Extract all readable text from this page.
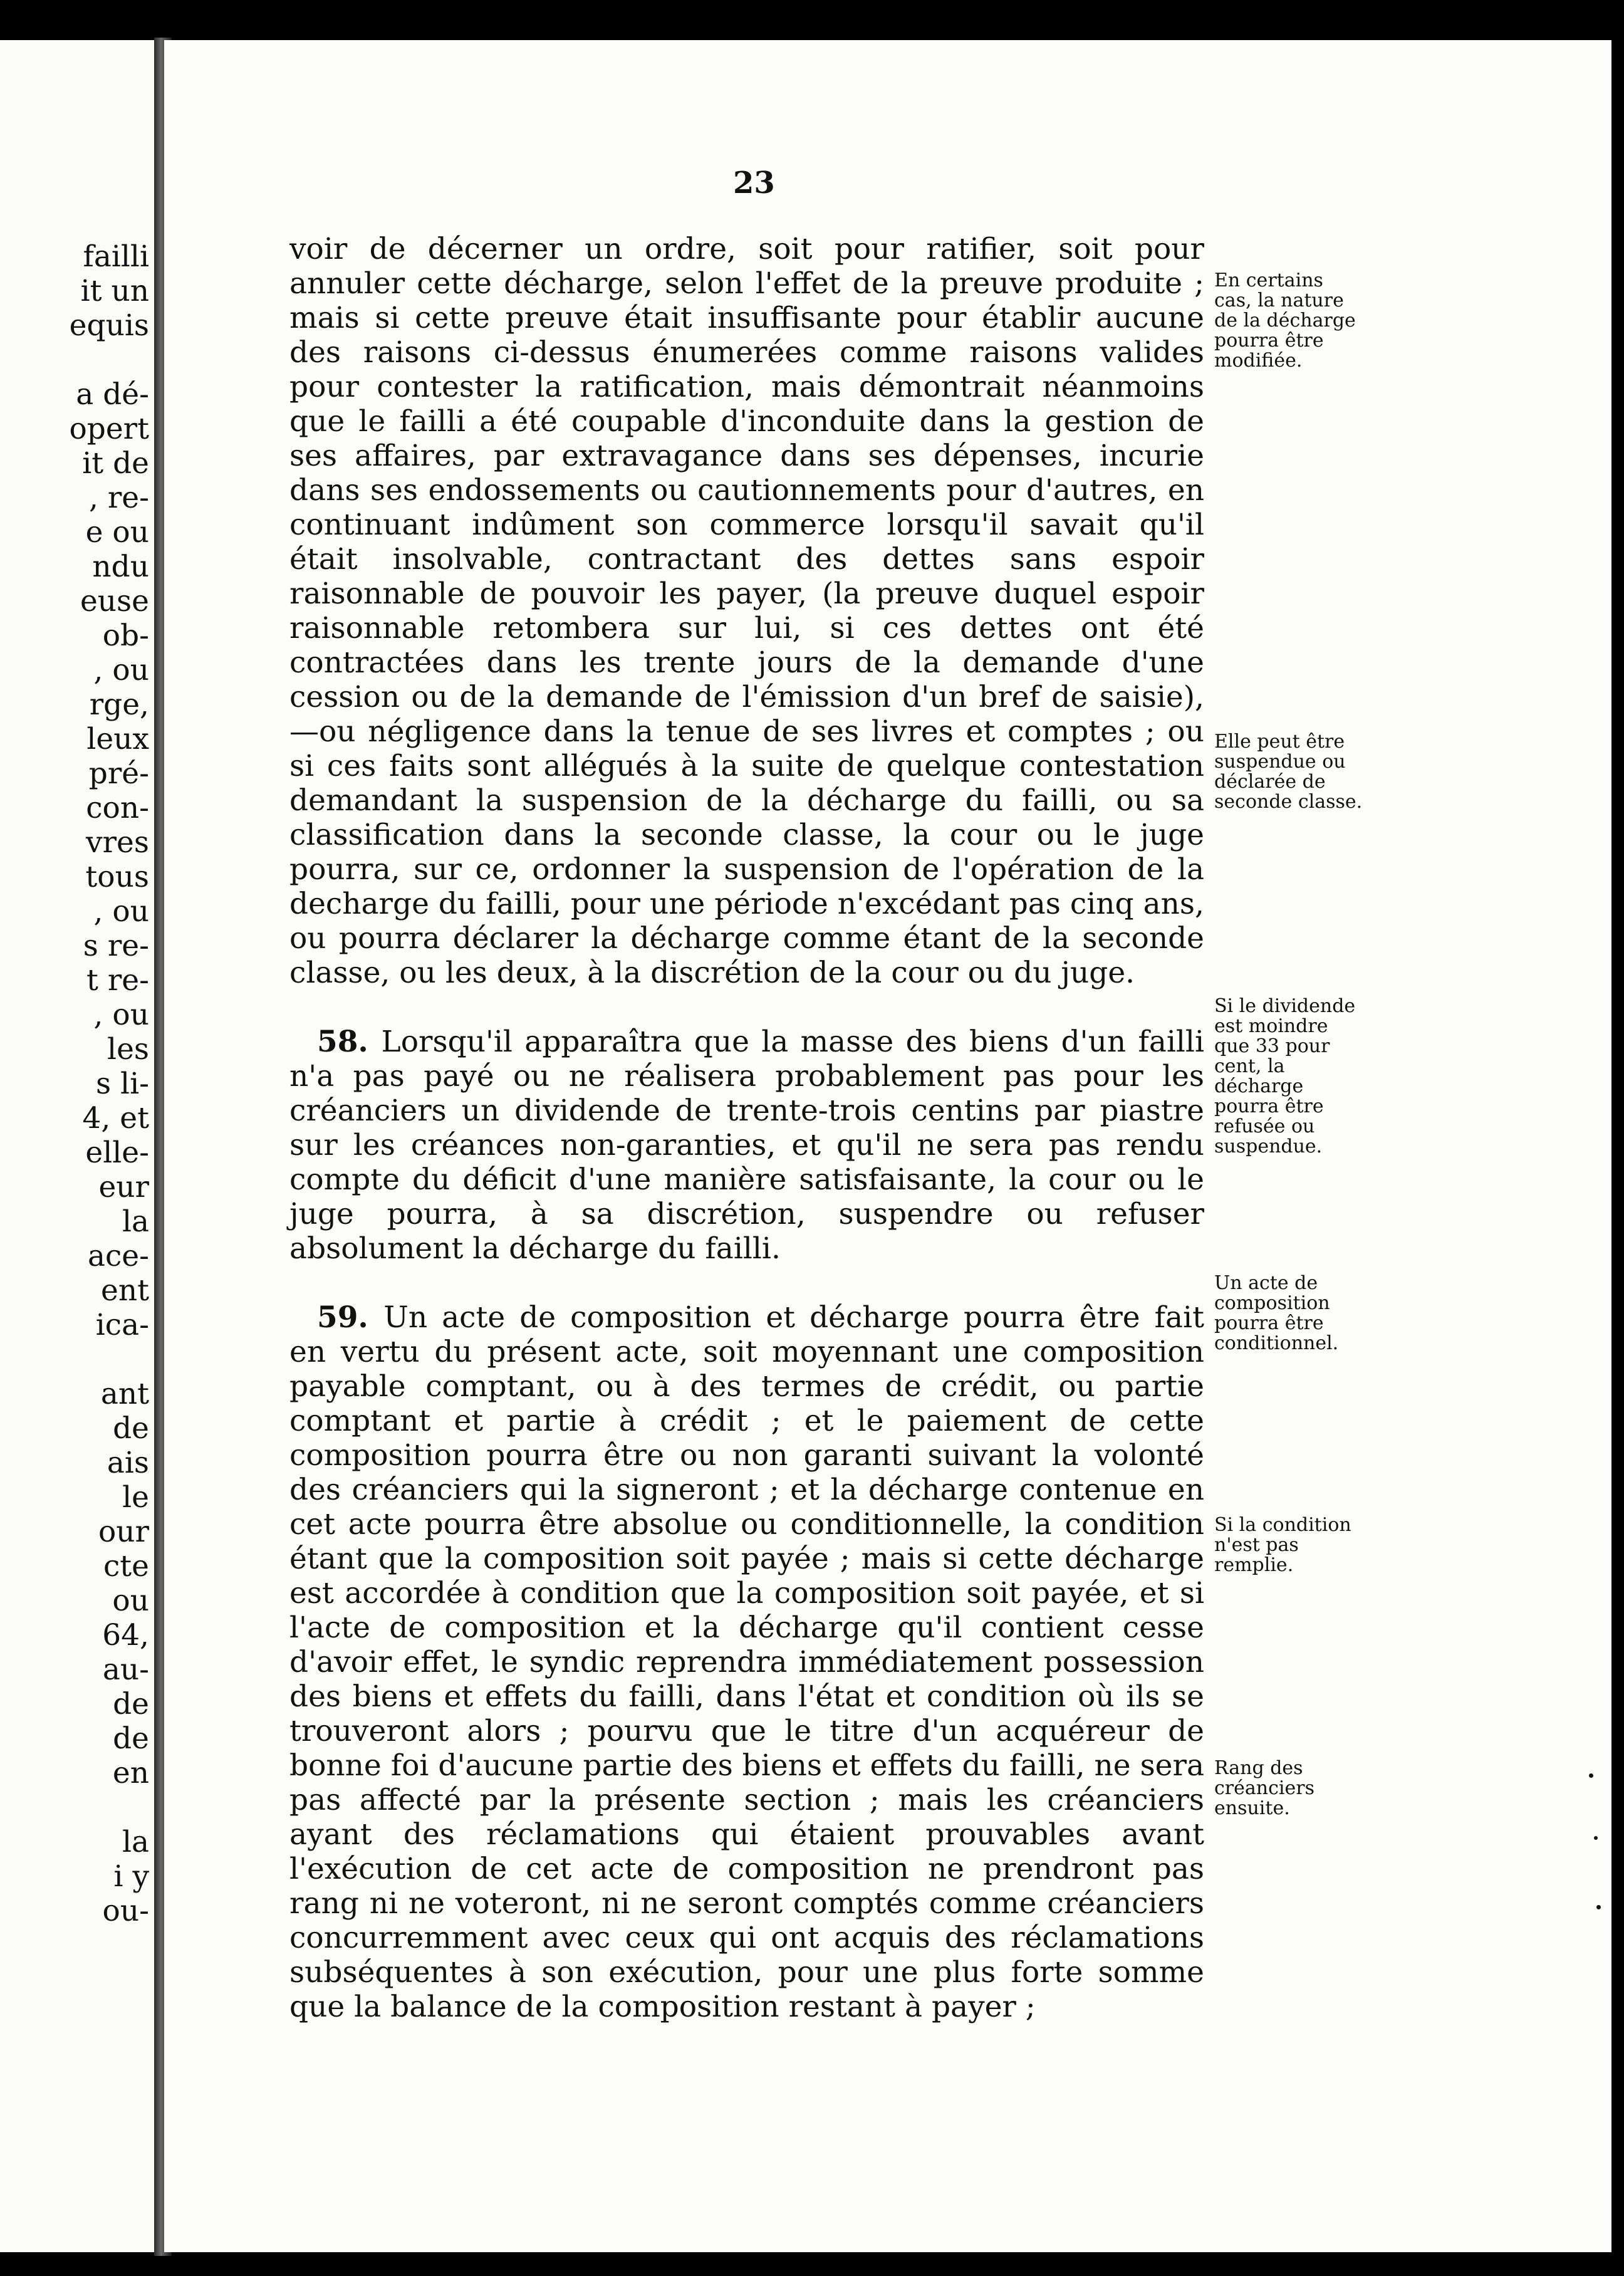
failli
it un
equis

a dé-
opert
it de
, re-
e ou
ndu
euse
ob-
, ou
rge,
leux
pré-
con-
vres
tous
, ou
s re-
t re-
, ou
les
s li-
4, et
elle-
eur
la
ace-
ent
ica-

ant
de
ais
le
our
cte
ou
64,
au-
de
de
en

la
i y
ou-
23

voir de décerner un ordre, soit pour ratifier, soit pour annuler cette décharge, selon l'effet de la preuve produite ; mais si cette preuve était insuffisante pour établir aucune des raisons ci-dessus énumerées comme raisons valides pour contester la ratification, mais démontrait néanmoins que le failli a été coupable d'inconduite dans la gestion de ses affaires, par extravagance dans ses dépenses, incurie dans ses endossements ou cautionnements pour d'autres, en continuant indûment son commerce lorsqu'il savait qu'il était insolvable, contractant des dettes sans espoir raisonnable de pouvoir les payer, (la preuve duquel espoir raisonnable retombera sur lui, si ces dettes ont été contractées dans les trente jours de la demande d'une cession ou de la demande de l'émission d'un bref de saisie),—ou négligence dans la tenue de ses livres et comptes ; ou si ces faits sont allégués à la suite de quelque contestation demandant la suspension de la décharge du failli, ou sa classification dans la seconde classe, la cour ou le juge pourra, sur ce, ordonner la suspension de l'opération de la decharge du failli, pour une période n'excédant pas cinq ans, ou pourra déclarer la décharge comme étant de la seconde classe, ou les deux, à la discrétion de la cour ou du juge.

58. Lorsqu'il apparaîtra que la masse des biens d'un failli n'a pas payé ou ne réalisera probablement pas pour les créanciers un dividende de trente-trois centins par piastre sur les créances non-garanties, et qu'il ne sera pas rendu compte du déficit d'une manière satisfaisante, la cour ou le juge pourra, à sa discrétion, suspendre ou refuser absolument la décharge du failli.

59. Un acte de composition et décharge pourra être fait en vertu du présent acte, soit moyennant une composition payable comptant, ou à des termes de crédit, ou partie comptant et partie à crédit ; et le paiement de cette composition pourra être ou non garanti suivant la volonté des créanciers qui la signeront ; et la décharge contenue en cet acte pourra être absolue ou conditionnelle, la condition étant que la composition soit payée ; mais si cette décharge est accordée à condition que la composition soit payée, et si l'acte de composition et la décharge qu'il contient cesse d'avoir effet, le syndic reprendra immédiatement possession des biens et effets du failli, dans l'état et condition où ils se trouveront alors ; pourvu que le titre d'un acquéreur de bonne foi d'aucune partie des biens et effets du failli, ne sera pas affecté par la présente section ; mais les créanciers ayant des réclamations qui étaient prouvables avant l'exécution de cet acte de composition ne prendront pas rang ni ne voteront, ni ne seront comptés comme créanciers concurremment avec ceux qui ont acquis des réclamations subséquentes à son exécution, pour une plus forte somme que la balance de la composition restant à payer ;

En certains cas, la nature de la décharge pourra être modifiée.
Elle peut être suspendue ou déclarée de seconde classe.
Si le dividende est moindre que 33 pour cent, la décharge pourra être refusée ou suspendue.
Un acte de composition pourra être conditionnel.
Si la condition n'est pas remplie.
Rang des créanciers ensuite.
